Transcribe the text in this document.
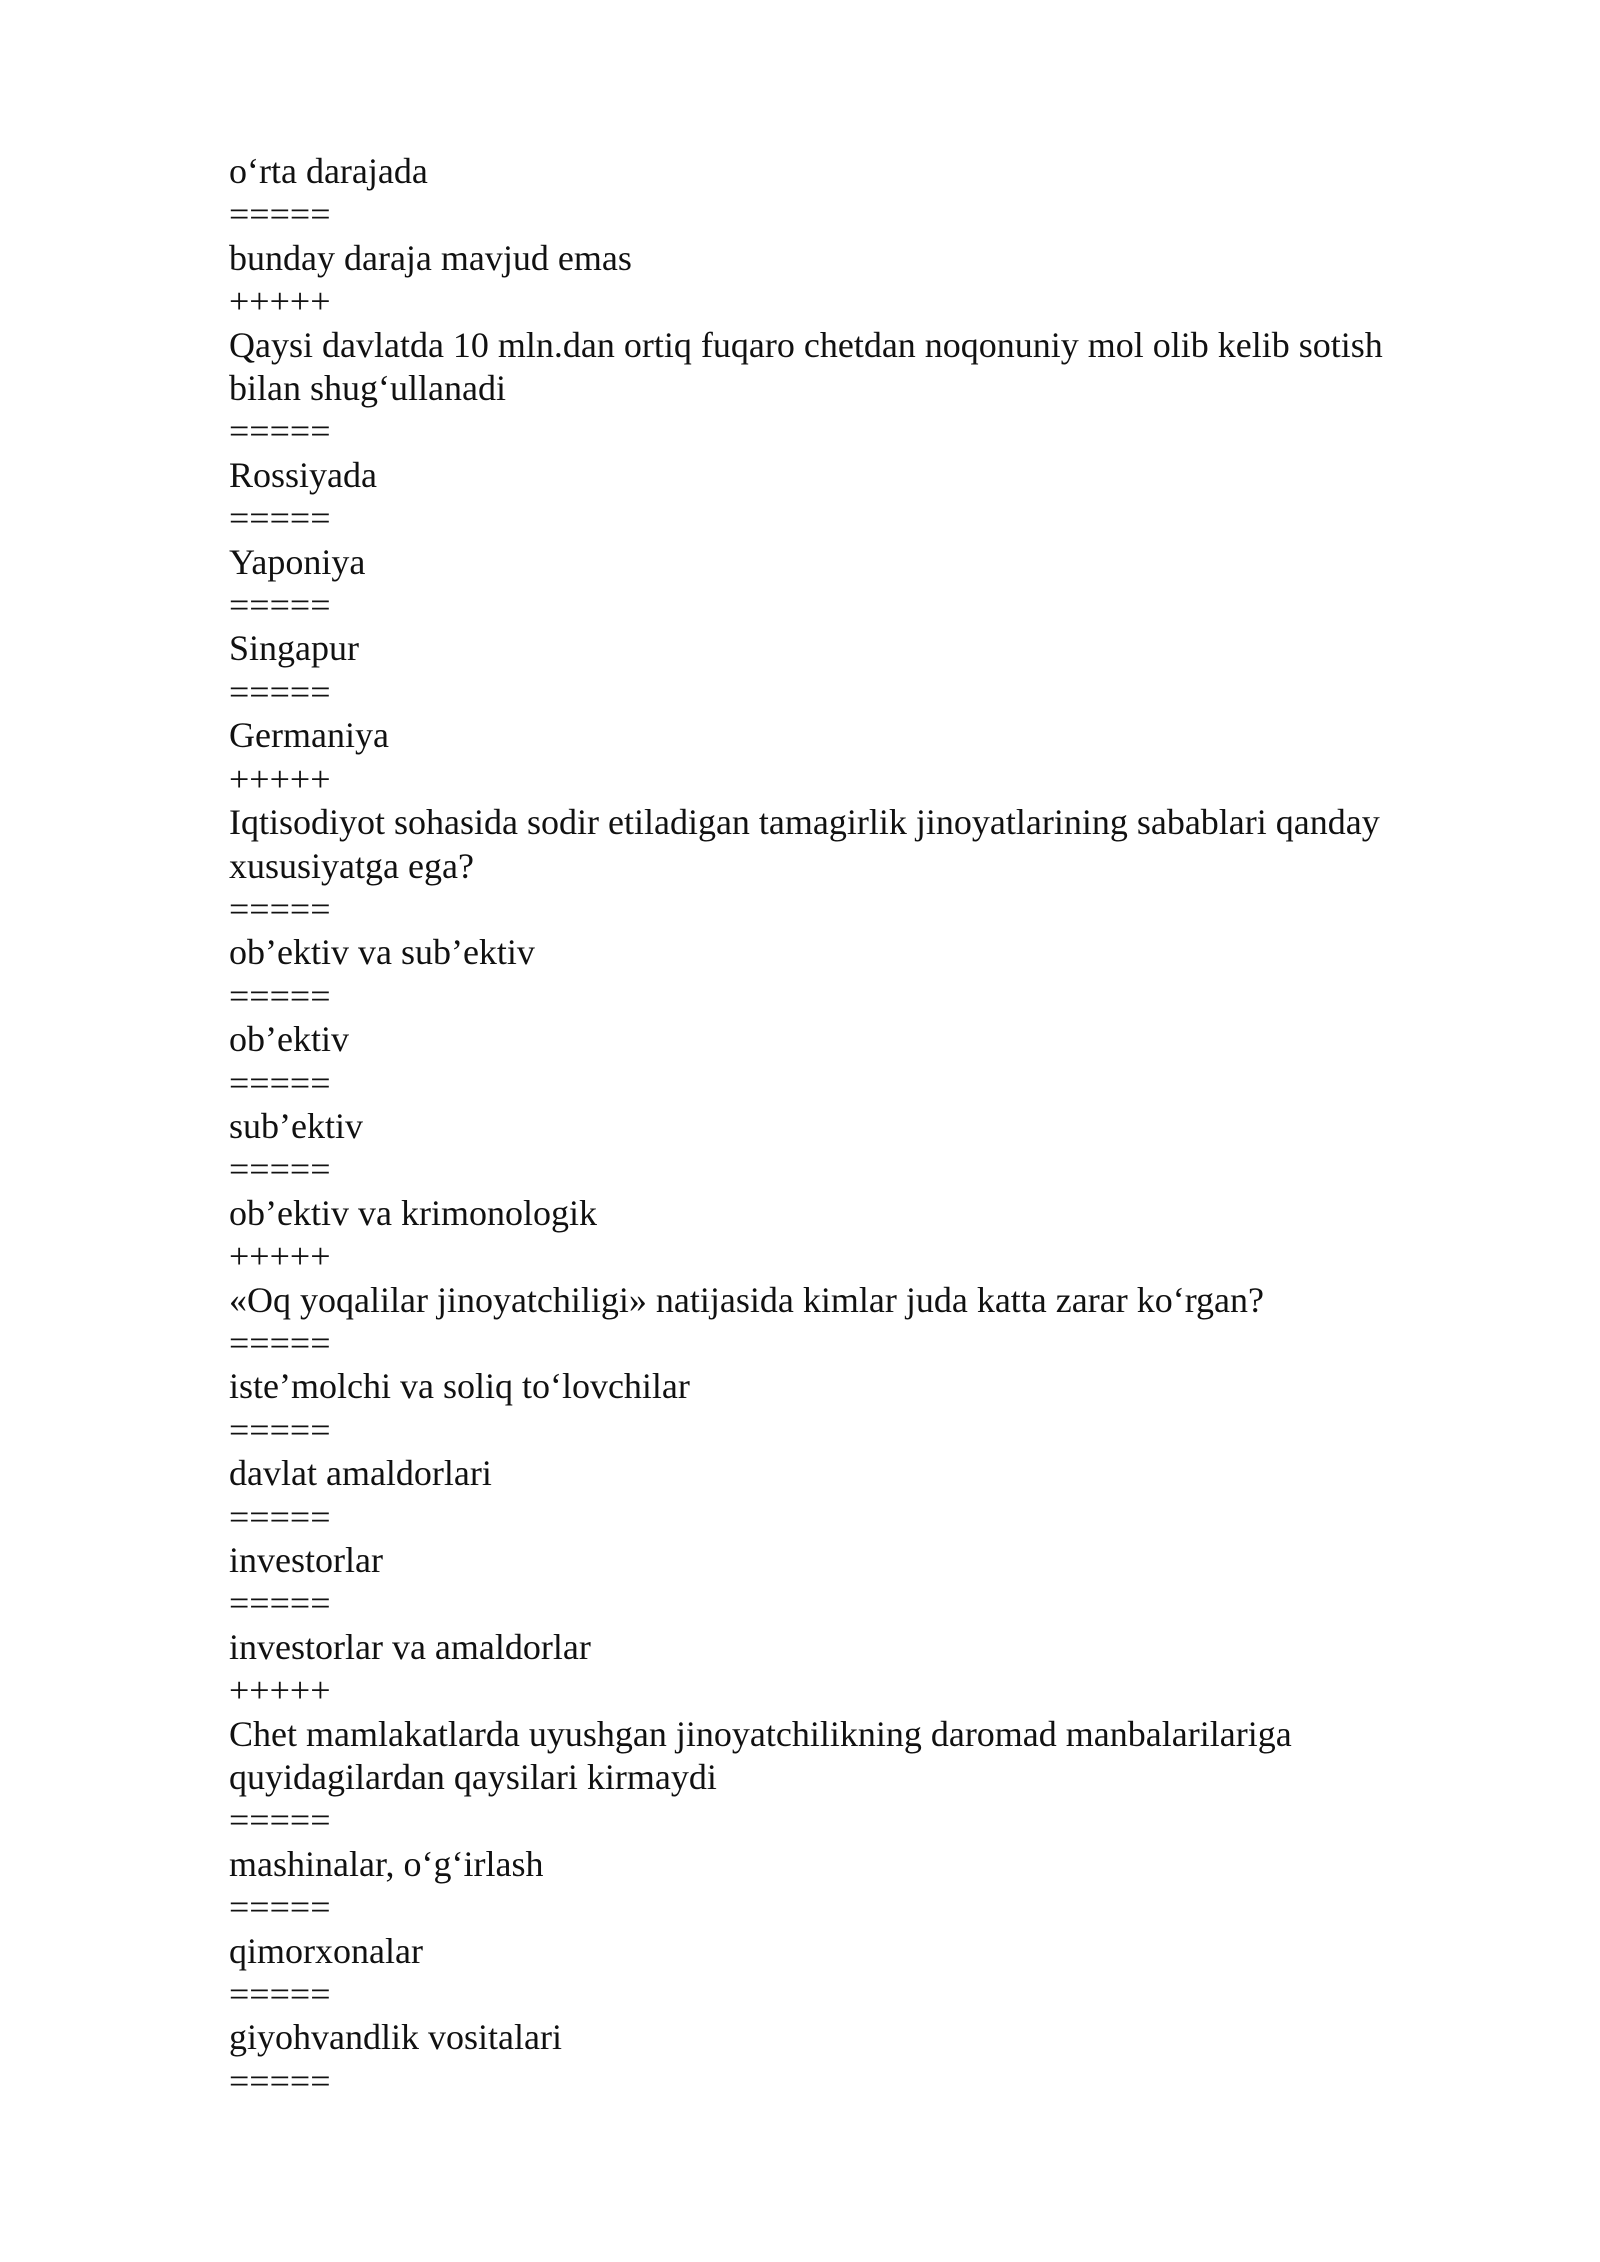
o‘rta darajada
=====
bunday daraja mavjud emas
+++++
Qaysi davlatda 10 mln.dan ortiq fuqaro chetdan noqonuniy mol olib kelib sotish
bilan shug‘ullanadi
=====
Rossiyada
=====
Yaponiya
=====
Singapur
=====
Germaniya
+++++
Iqtisodiyot sohasida sodir etiladigan tamagirlik jinoyatlarining sabablari qanday
xususiyatga ega?
=====
ob’ektiv va sub’ektiv
=====
ob’ektiv
=====
sub’ektiv
=====
ob’ektiv va krimonologik
+++++
«Oq yoqalilar jinoyatchiligi» natijasida kimlar juda katta zarar ko‘rgan?
=====
iste’molchi va soliq to‘lovchilar
=====
davlat amaldorlari
=====
investorlar
=====
investorlar va amaldorlar
+++++
Chet mamlakatlarda uyushgan jinoyatchilikning daromad manbalarilariga
quyidagilardan qaysilari kirmaydi
=====
mashinalar, o‘g‘irlash
=====
qimorxonalar
=====
giyohvandlik vositalari
=====
